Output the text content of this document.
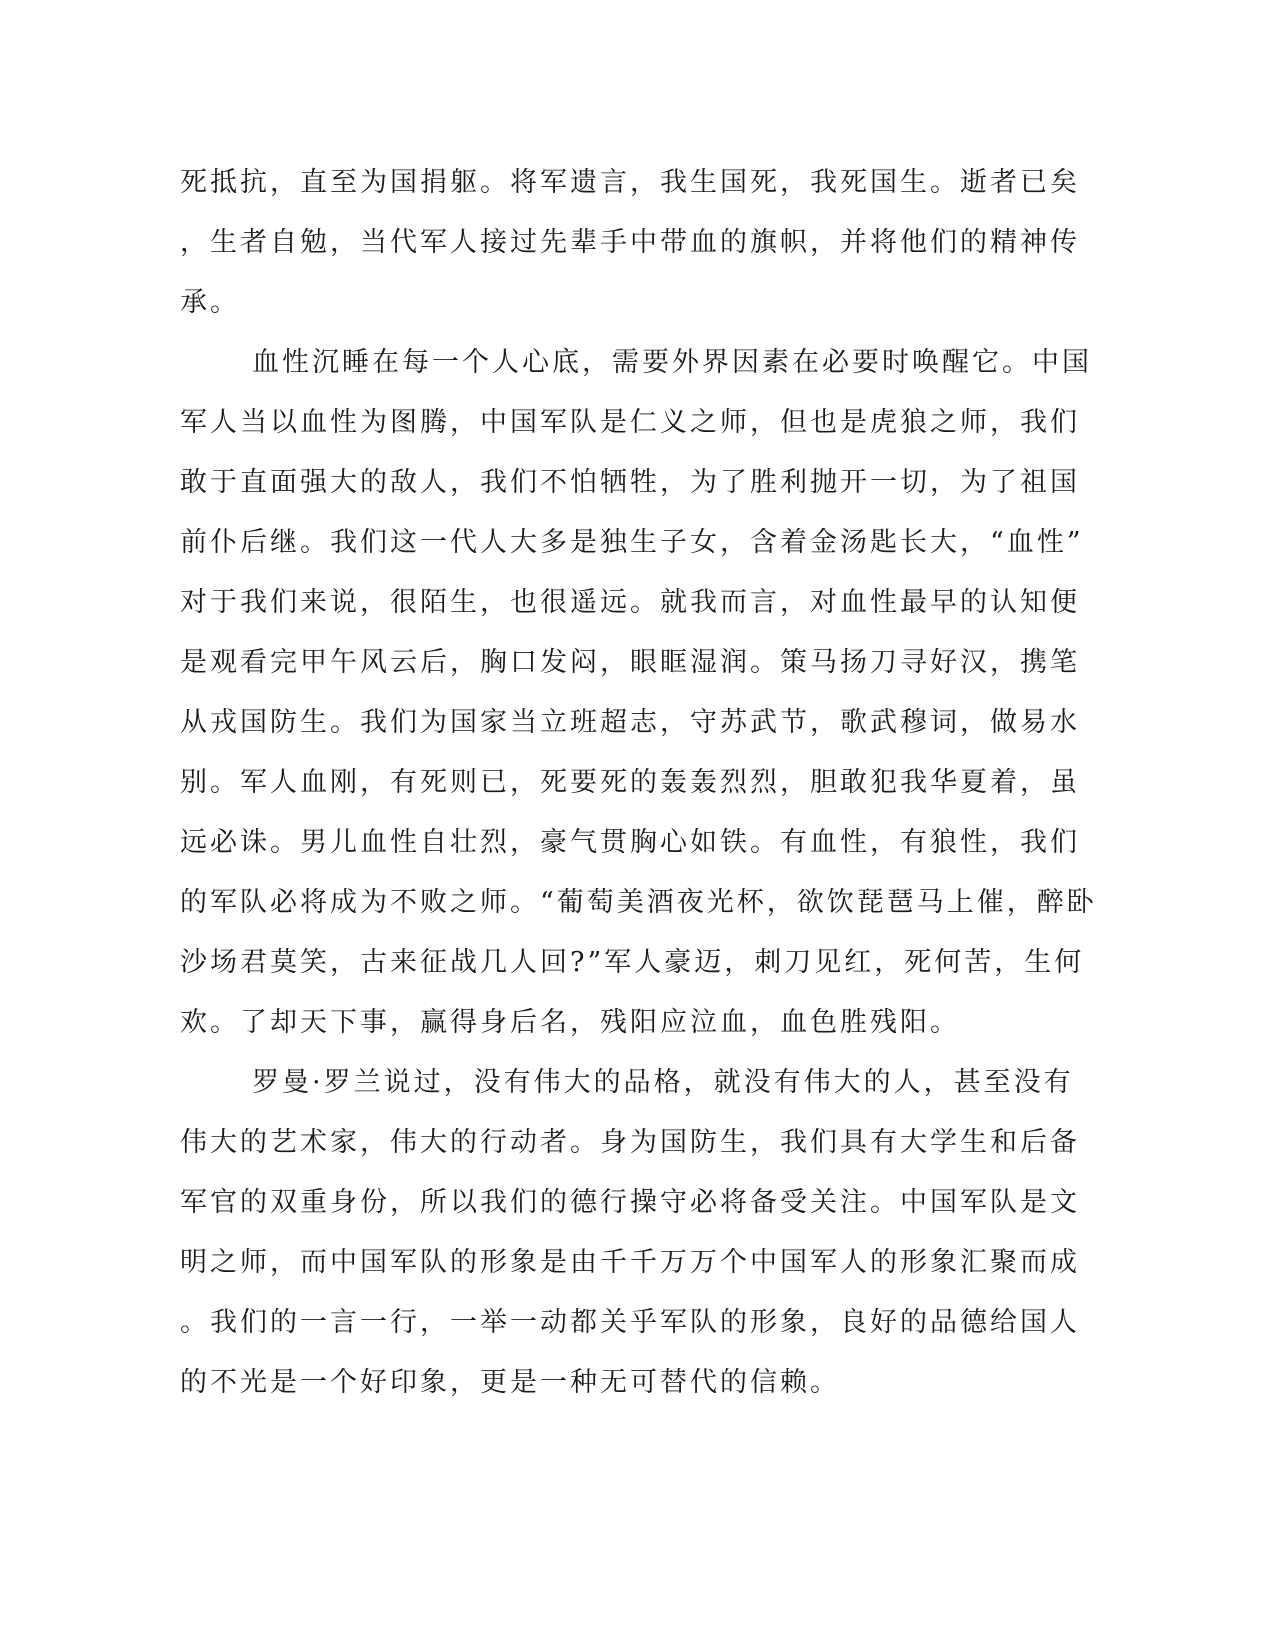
死抵抗，直至为国捐躯。将军遗言，我生国死，我死国生。逝者已矣
，生者自勉，当代军人接过先辈手中带血的旗帜，并将他们的精神传
承。
血性沉睡在每一个人心底，需要外界因素在必要时唤醒它。中国
军人当以血性为图腾，中国军队是仁义之师，但也是虎狼之师，我们
敢于直面强大的敌人，我们不怕牺牲，为了胜利抛开一切，为了祖国
前仆后继。我们这一代人大多是独生子女，含着金汤匙长大，“血性”
对于我们来说，很陌生，也很遥远。就我而言，对血性最早的认知便
是观看完甲午风云后，胸口发闷，眼眶湿润。策马扬刀寻好汉，携笔
从戎国防生。我们为国家当立班超志，守苏武节，歌武穆词，做易水
别。军人血刚，有死则已，死要死的轰轰烈烈，胆敢犯我华夏着，虽
远必诛。男儿血性自壮烈，豪气贯胸心如铁。有血性，有狼性，我们
的军队必将成为不败之师。“葡萄美酒夜光杯，欲饮琵琶马上催，醉卧
沙场君莫笑，古来征战几人回?”军人豪迈，刺刀见红，死何苦，生何
欢。了却天下事，赢得身后名，残阳应泣血，血色胜残阳。
罗曼·罗兰说过，没有伟大的品格，就没有伟大的人，甚至没有
伟大的艺术家，伟大的行动者。身为国防生，我们具有大学生和后备
军官的双重身份，所以我们的德行操守必将备受关注。中国军队是文
明之师，而中国军队的形象是由千千万万个中国军人的形象汇聚而成
。我们的一言一行，一举一动都关乎军队的形象，良好的品德给国人
的不光是一个好印象，更是一种无可替代的信赖。
